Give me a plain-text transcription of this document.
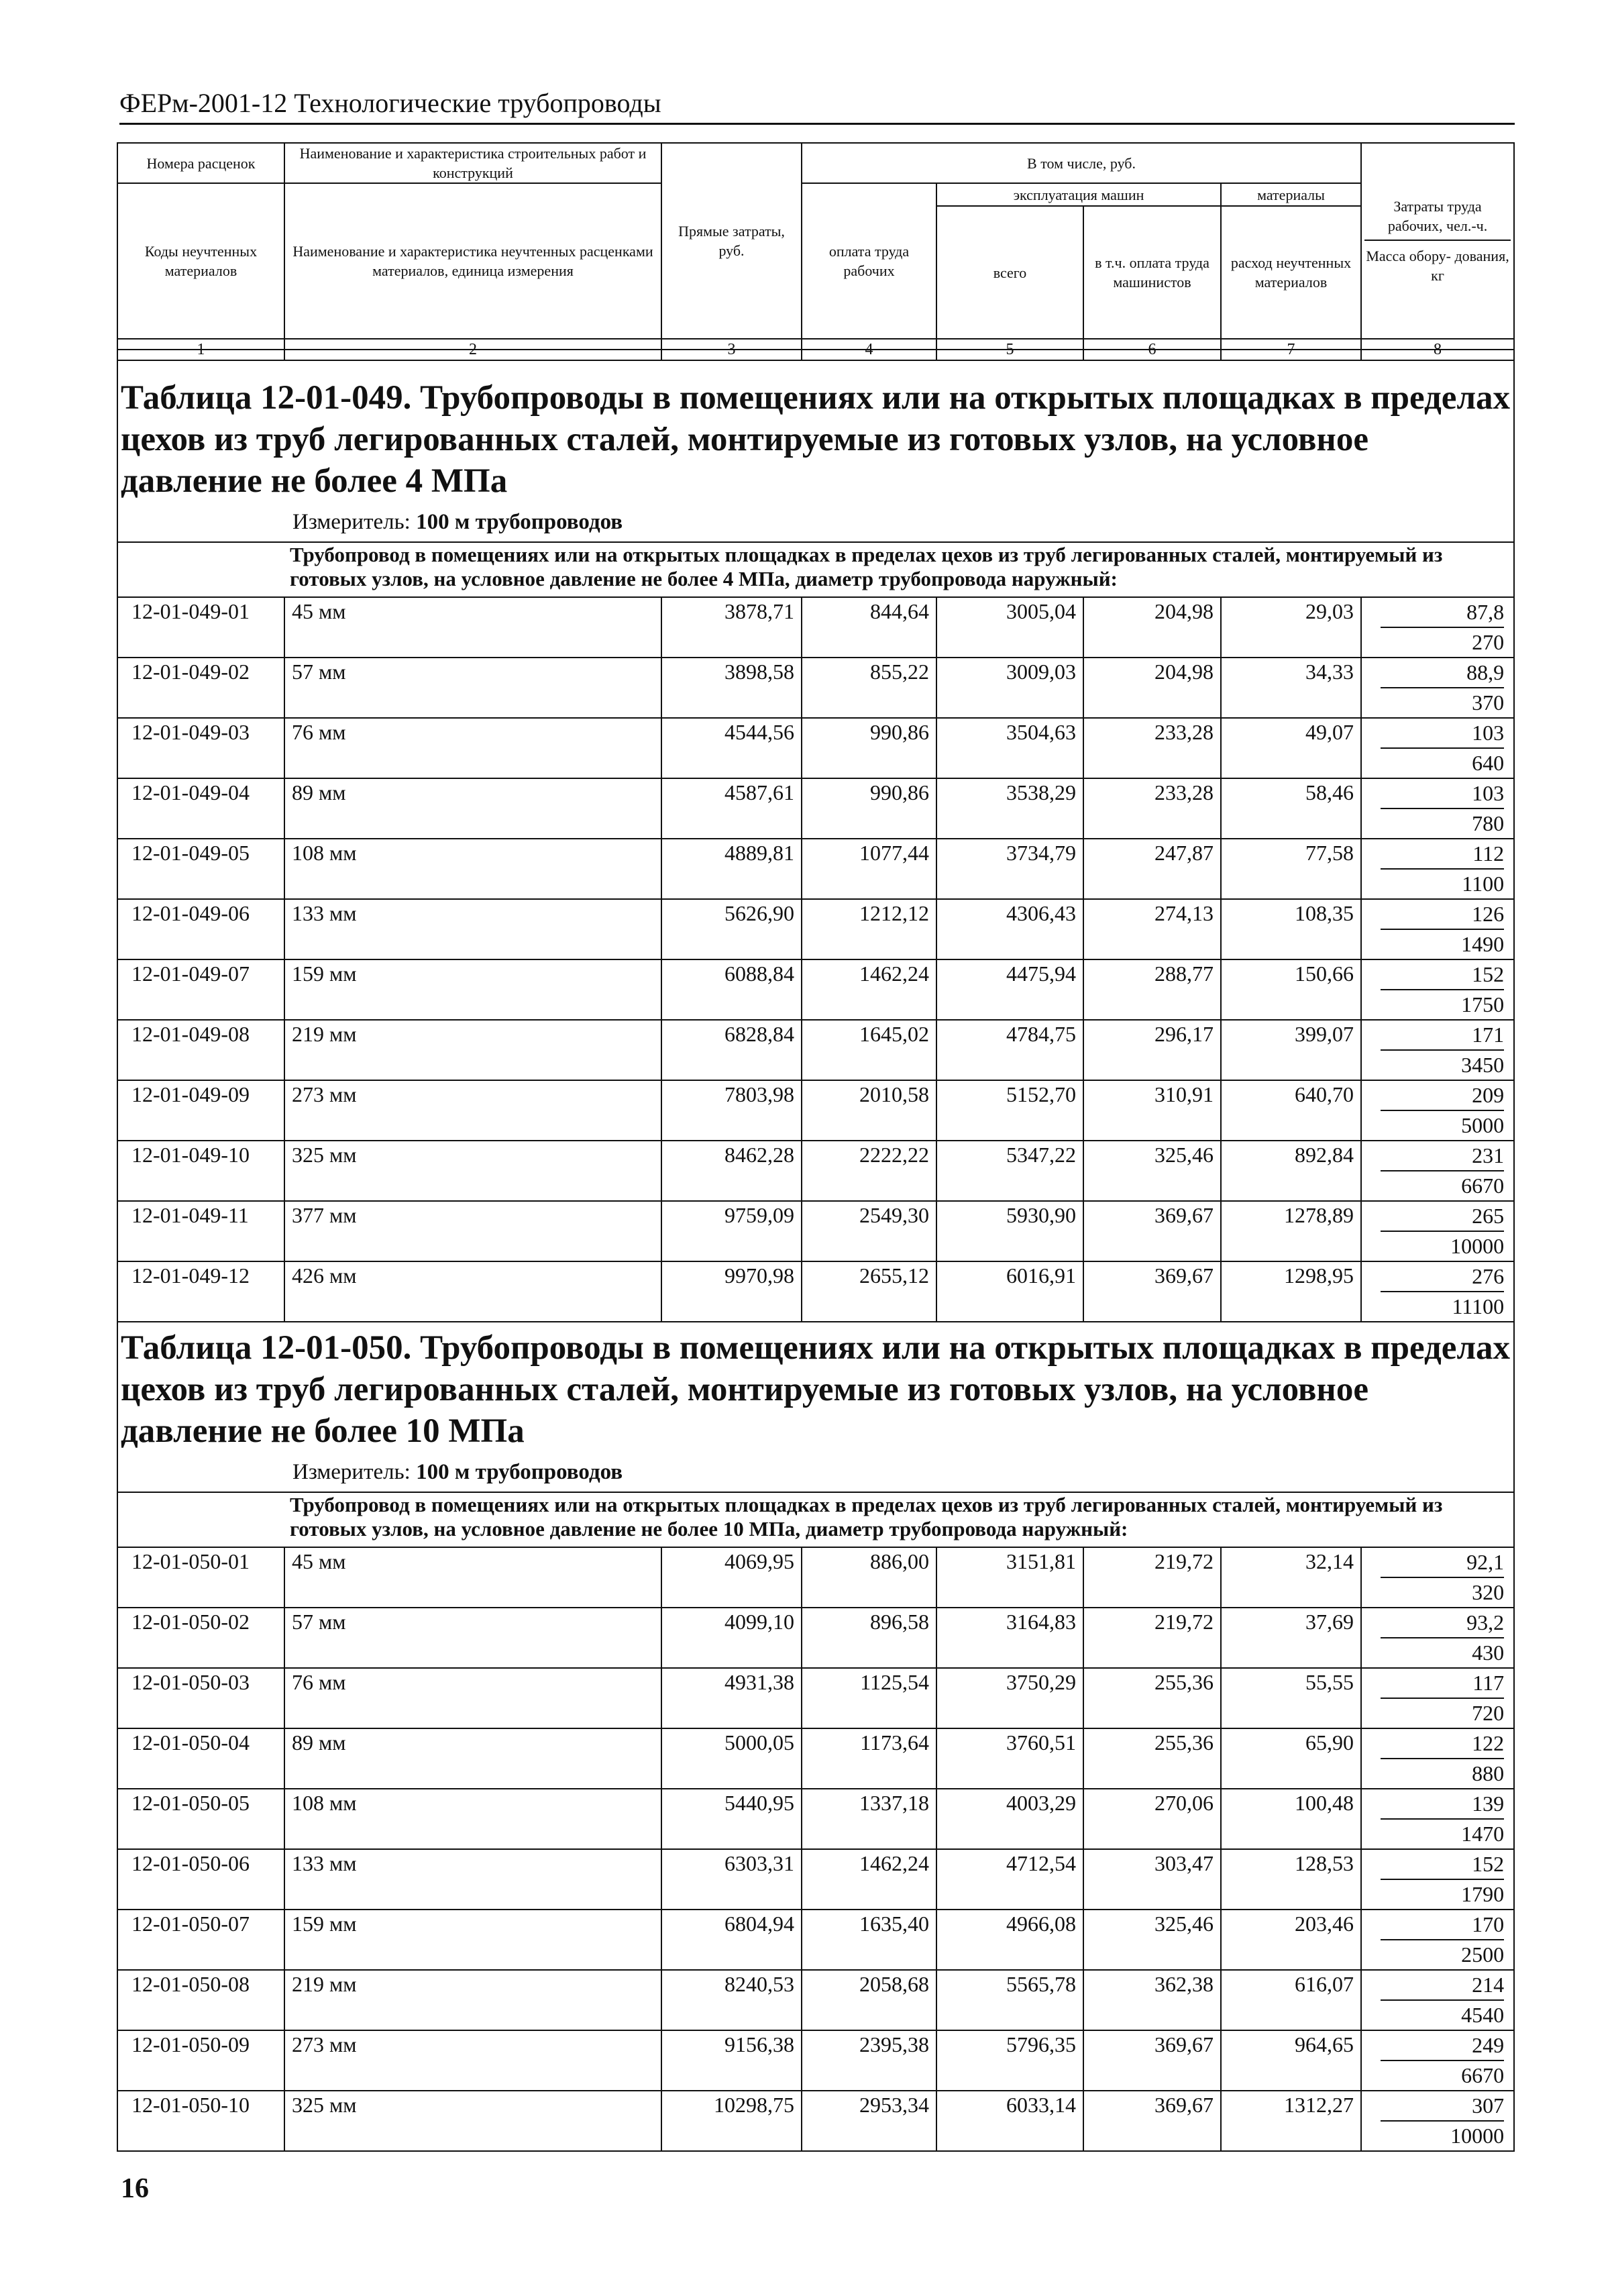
ФЕРм-2001-12 Технологические трубопроводы
Номера расценок	Наименование и характеристика строительных работ и конструкций	Прямые затраты, руб.	В том числе, руб.				Затраты труда рабочих, чел.-ч.
Масса обору- дования, кг

Коды неучтенных материалов	Наименование и характеристика неучтенных расценками материалов, единица измерения		оплата труда рабочих	эксплуатация машин		материалы	
				всего	в т.ч. оплата труда машинистов	расход неучтенных материалов	
1	2	3	4	5	6	7	8
Таблица 12-01-049. Трубопроводы в помещениях или на открытых площадках в пределах цехов из труб легированных сталей, монтируемые из готовых узлов, на условное давление не более 4 МПа
Измеритель: 100 м трубопроводов							

Трубопровод в помещениях или на открытых площадках в пределах цехов из труб легированных сталей, монтируемый из готовых узлов, на условное давление не более 4 МПа, диаметр трубопровода наружный:							
12-01-049-01	45 мм	3878,71	844,64	3005,04	204,98	29,03	87,8
270

12-01-049-02	57 мм	3898,58	855,22	3009,03	204,98	34,33	88,9
370

12-01-049-03	76 мм	4544,56	990,86	3504,63	233,28	49,07	103
640

12-01-049-04	89 мм	4587,61	990,86	3538,29	233,28	58,46	103
780

12-01-049-05	108 мм	4889,81	1077,44	3734,79	247,87	77,58	112
1100

12-01-049-06	133 мм	5626,90	1212,12	4306,43	274,13	108,35	126
1490

12-01-049-07	159 мм	6088,84	1462,24	4475,94	288,77	150,66	152
1750

12-01-049-08	219 мм	6828,84	1645,02	4784,75	296,17	399,07	171
3450

12-01-049-09	273 мм	7803,98	2010,58	5152,70	310,91	640,70	209
5000

12-01-049-10	325 мм	8462,28	2222,22	5347,22	325,46	892,84	231
6670

12-01-049-11	377 мм	9759,09	2549,30	5930,90	369,67	1278,89	265
10000

12-01-049-12	426 мм	9970,98	2655,12	6016,91	369,67	1298,95	276
11100
Таблица 12-01-050. Трубопроводы в помещениях или на открытых площадках в пределах цехов из труб легированных сталей, монтируемые из готовых узлов, на условное давление не более 10 МПа
Измеритель: 100 м трубопроводов							

Трубопровод в помещениях или на открытых площадках в пределах цехов из труб легированных сталей, монтируемый из готовых узлов, на условное давление не более 10 МПа, диаметр трубопровода наружный:							
12-01-050-01	45 мм	4069,95	886,00	3151,81	219,72	32,14	92,1
320

12-01-050-02	57 мм	4099,10	896,58	3164,83	219,72	37,69	93,2
430

12-01-050-03	76 мм	4931,38	1125,54	3750,29	255,36	55,55	117
720

12-01-050-04	89 мм	5000,05	1173,64	3760,51	255,36	65,90	122
880

12-01-050-05	108 мм	5440,95	1337,18	4003,29	270,06	100,48	139
1470

12-01-050-06	133 мм	6303,31	1462,24	4712,54	303,47	128,53	152
1790

12-01-050-07	159 мм	6804,94	1635,40	4966,08	325,46	203,46	170
2500

12-01-050-08	219 мм	8240,53	2058,68	5565,78	362,38	616,07	214
4540

12-01-050-09	273 мм	9156,38	2395,38	5796,35	369,67	964,65	249
6670

12-01-050-10	325 мм	10298,75	2953,34	6033,14	369,67	1312,27	307
10000
16
